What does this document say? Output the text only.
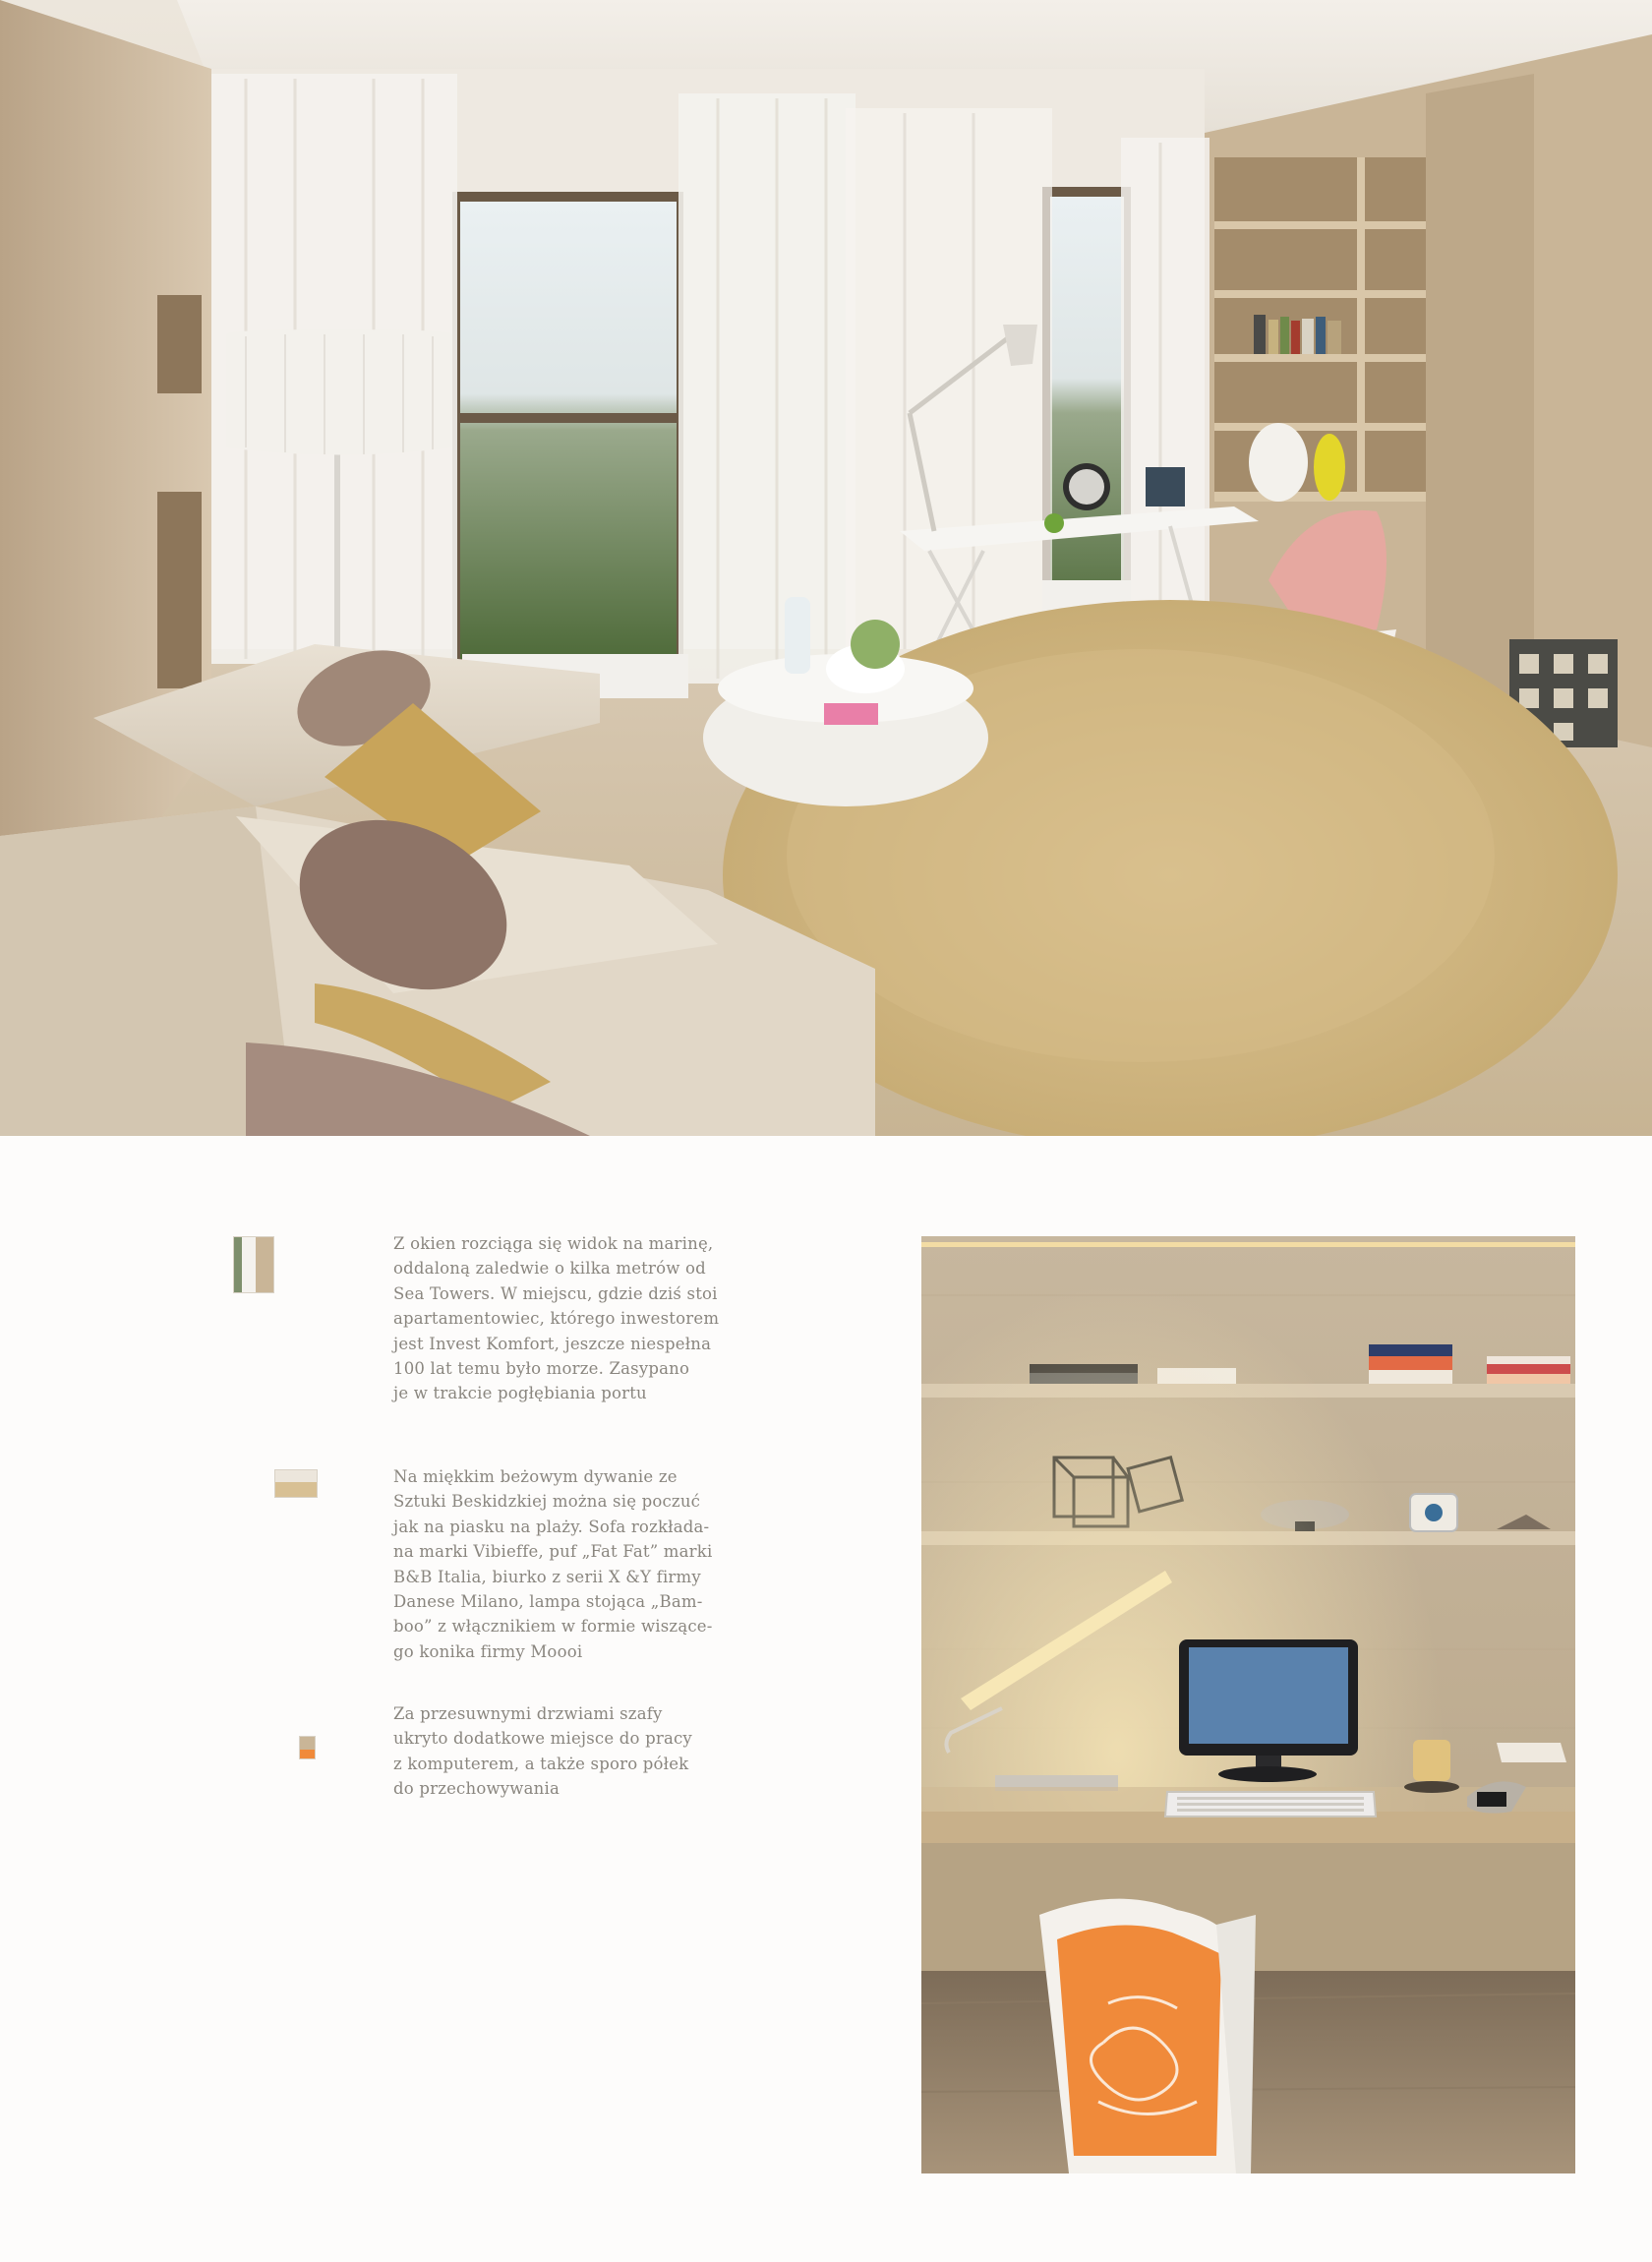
Z okien rozciąga się widok na marinę,
oddaloną zaledwie o kilka metrów od
Sea Towers. W miejscu, gdzie dziś stoi
apartamentowiec, którego inwestorem
jest Invest Komfort, jeszcze niespełna
100 lat temu było morze. Zasypano
je w trakcie pogłębiania portu
Na miękkim beżowym dywanie ze
Sztuki Beskidzkiej można się poczuć
jak na piasku na plaży. Sofa rozkłada-
na marki Vibieffe, puf „Fat Fat” marki
B&B Italia, biurko z serii X &Y firmy
Danese Milano, lampa stojąca „Bam-
boo” z włącznikiem w formie wiszące-
go konika firmy Moooi
Za przesuwnymi drzwiami szafy
ukryto dodatkowe miejsce do pracy
z komputerem, a także sporo półek
do przechowywania
